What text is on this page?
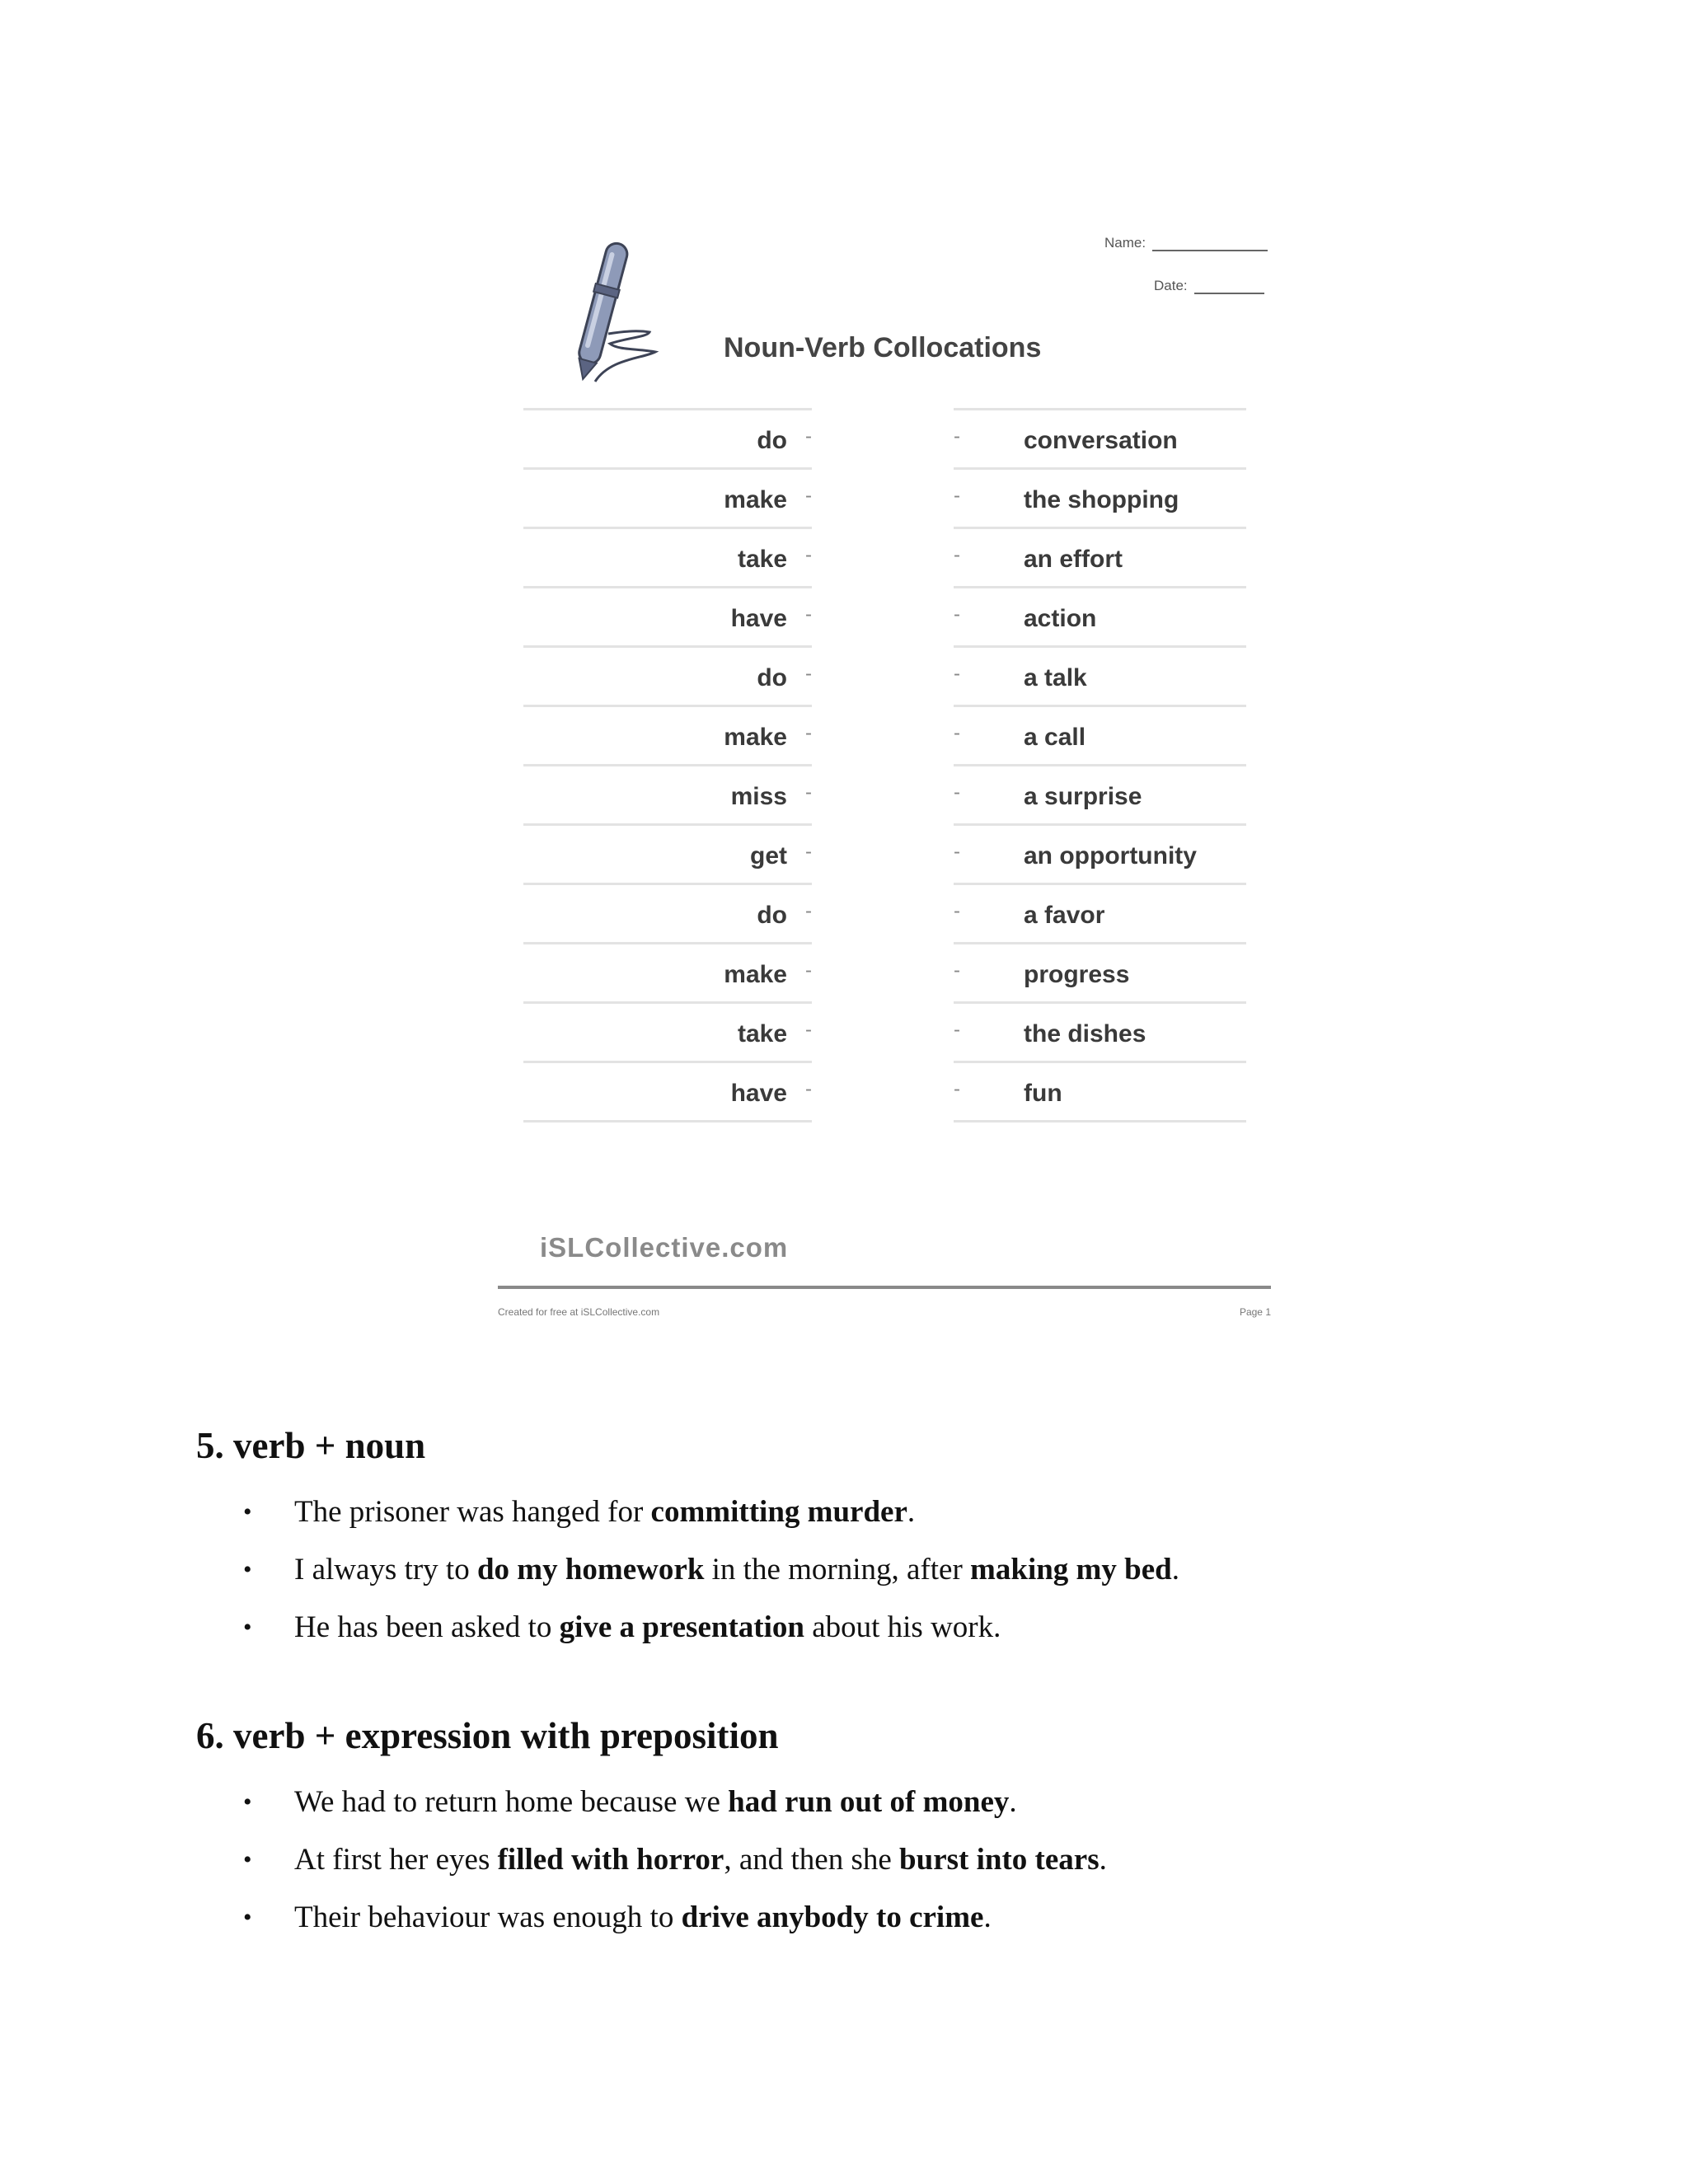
Name:
Date:
Noun-Verb Collocations
do -	-	conversation
make -	-	the shopping
take -	-	an effort
have -	-	action
do -	-	a talk
make -	-	a call
miss -	-	a surprise
get -	-	an opportunity
do -	-	a favor
make -	-	progress
take -	-	the dishes
have -	-	fun
iSLCollective.com
Created for free at iSLCollective.com	Page 1
5. verb + noun
• The prisoner was hanged for committing murder.
• I always try to do my homework in the morning, after making my bed.
• He has been asked to give a presentation about his work.
6. verb + expression with preposition
• We had to return home because we had run out of money.
• At first her eyes filled with horror, and then she burst into tears.
• Their behaviour was enough to drive anybody to crime.
